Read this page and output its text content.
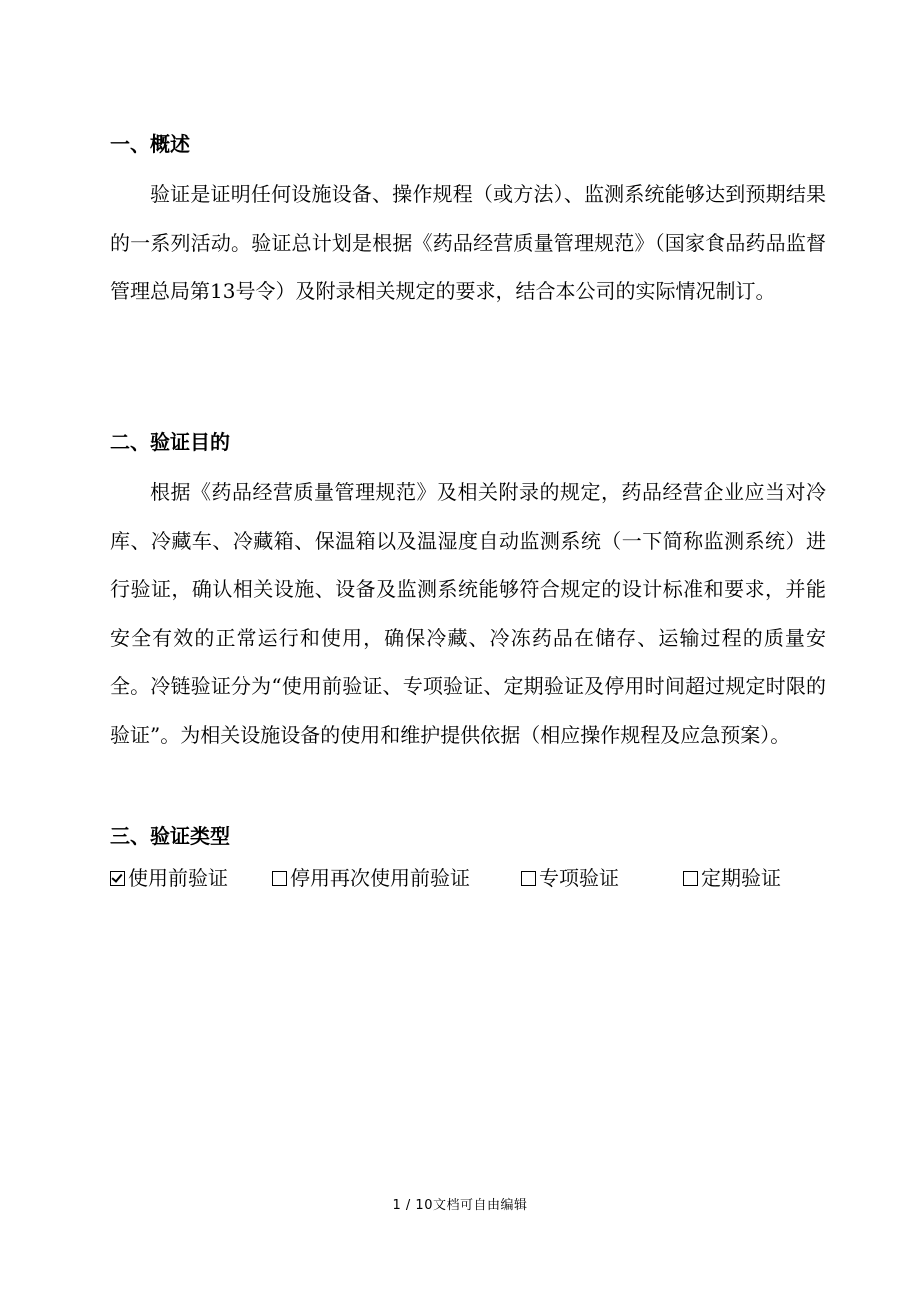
一、概述
验证是证明任何设施设备、操作规程（或方法）、监测系统能够达到预期结果的一系列活动。验证总计划是根据《药品经营质量管理规范》（国家食品药品监督管理总局第13号令）及附录相关规定的要求，结合本公司的实际情况制订。
二、验证目的
根据《药品经营质量管理规范》及相关附录的规定，药品经营企业应当对冷库、冷藏车、冷藏箱、保温箱以及温湿度自动监测系统（一下简称监测系统）进行验证，确认相关设施、设备及监测系统能够符合规定的设计标准和要求，并能安全有效的正常运行和使用，确保冷藏、冷冻药品在储存、运输过程的质量安全。冷链验证分为“使用前验证、专项验证、定期验证及停用时间超过规定时限的验证”。为相关设施设备的使用和维护提供依据（相应操作规程及应急预案）。
三、验证类型
使用前验证	停用再次使用前验证	专项验证	定期验证
1 / 10文档可自由编辑
